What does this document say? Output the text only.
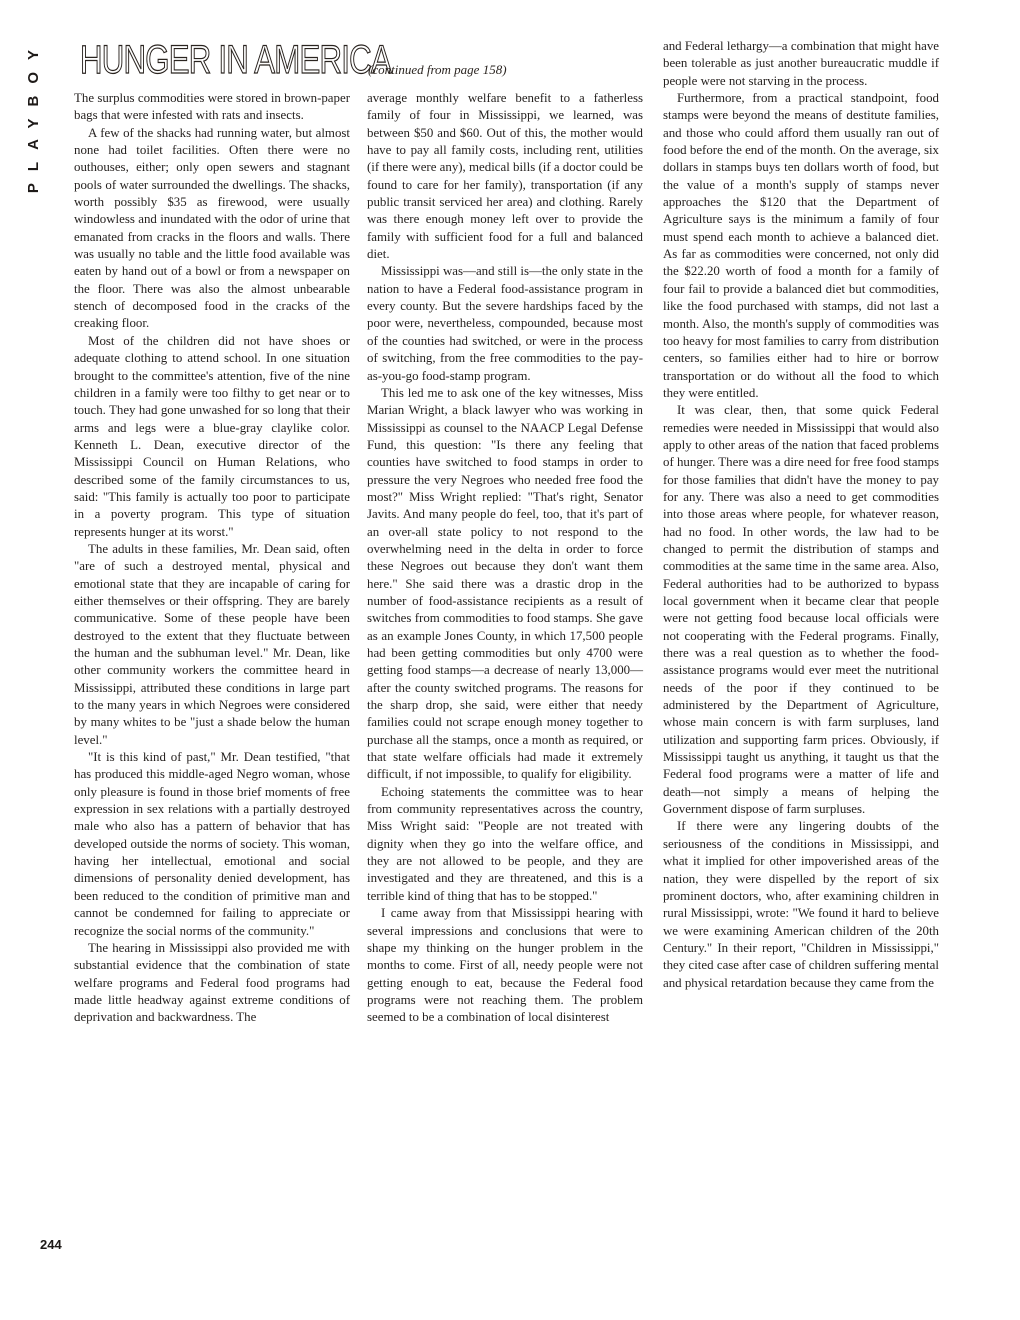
PLAYBOY HUNGER IN AMERICA
(continued from page 158)

The surplus commodities were stored in brown-paper bags that were infested with rats and insects.

A few of the shacks had running water, but almost none had toilet facilities. Often there were no outhouses, either; only open sewers and stagnant pools of water surrounded the dwellings. The shacks, worth possibly $35 as firewood, were usually windowless and inundated with the odor of urine that emanated from cracks in the floors and walls. There was usually no table and the little food available was eaten by hand out of a bowl or from a newspaper on the floor. There was also the almost unbearable stench of decomposed food in the cracks of the creaking floor.

Most of the children did not have shoes or adequate clothing to attend school. In one situation brought to the committee's attention, five of the nine children in a family were too filthy to get near or to touch. They had gone unwashed for so long that their arms and legs were a blue-gray claylike color. Kenneth L. Dean, executive director of the Mississippi Council on Human Relations, who described some of the family circumstances to us, said: "This family is actually too poor to participate in a poverty program. This type of situation represents hunger at its worst."

The adults in these families, Mr. Dean said, often "are of such a destroyed mental, physical and emotional state that they are incapable of caring for either themselves or their offspring. They are barely communicative. Some of these people have been destroyed to the extent that they fluctuate between the human and the subhuman level." Mr. Dean, like other community workers the committee heard in Mississippi, attributed these conditions in large part to the many years in which Negroes were considered by many whites to be "just a shade below the human level."

"It is this kind of past," Mr. Dean testified, "that has produced this middle-aged Negro woman, whose only pleasure is found in those brief moments of free expression in sex relations with a partially destroyed male who also has a pattern of behavior that has developed outside the norms of society. This woman, having her intellectual, emotional and social dimensions of personality denied development, has been reduced to the condition of primitive man and cannot be condemned for failing to appreciate or recognize the social norms of the community."

The hearing in Mississippi also provided me with substantial evidence that the combination of state welfare programs and Federal food programs had made little headway against extreme conditions of deprivation and backwardness. The

average monthly welfare benefit to a fatherless family of four in Mississippi, we learned, was between $50 and $60. Out of this, the mother would have to pay all family costs, including rent, utilities (if there were any), medical bills (if a doctor could be found to care for her family), transportation (if any public transit serviced her area) and clothing. Rarely was there enough money left over to provide the family with sufficient food for a full and balanced diet.

Mississippi was—and still is—the only state in the nation to have a Federal food-assistance program in every county. But the severe hardships faced by the poor were, nevertheless, compounded, because most of the counties had switched, or were in the process of switching, from the free commodities to the pay-as-you-go food-stamp program.

This led me to ask one of the key witnesses, Miss Marian Wright, a black lawyer who was working in Mississippi as counsel to the NAACP Legal Defense Fund, this question: "Is there any feeling that counties have switched to food stamps in order to pressure the very Negroes who needed free food the most?" Miss Wright replied: "That's right, Senator Javits. And many people do feel, too, that it's part of an over-all state policy to not respond to the overwhelming need in the delta in order to force these Negroes out because they don't want them here." She said there was a drastic drop in the number of food-assistance recipients as a result of switches from commodities to food stamps. She gave as an example Jones County, in which 17,500 people had been getting commodities but only 4700 were getting food stamps—a decrease of nearly 13,000—after the county switched programs. The reasons for the sharp drop, she said, were either that needy families could not scrape enough money together to purchase all the stamps, once a month as required, or that state welfare officials had made it extremely difficult, if not impossible, to qualify for eligibility.

Echoing statements the committee was to hear from community representatives across the country, Miss Wright said: "People are not treated with dignity when they go into the welfare office, and they are not allowed to be people, and they are investigated and they are threatened, and this is a terrible kind of thing that has to be stopped."

I came away from that Mississippi hearing with several impressions and conclusions that were to shape my thinking on the hunger problem in the months to come. First of all, needy people were not getting enough to eat, because the Federal food programs were not reaching them. The problem seemed to be a combination of local disinterest

and Federal lethargy—a combination that might have been tolerable as just another bureaucratic muddle if people were not starving in the process.

Furthermore, from a practical standpoint, food stamps were beyond the means of destitute families, and those who could afford them usually ran out of food before the end of the month. On the average, six dollars in stamps buys ten dollars worth of food, but the value of a month's supply of stamps never approaches the $120 that the Department of Agriculture says is the minimum a family of four must spend each month to achieve a balanced diet. As far as commodities were concerned, not only did the $22.20 worth of food a month for a family of four fail to provide a balanced diet but commodities, like the food purchased with stamps, did not last a month. Also, the month's supply of commodities was too heavy for most families to carry from distribution centers, so families either had to hire or borrow transportation or do without all the food to which they were entitled.

It was clear, then, that some quick Federal remedies were needed in Mississippi that would also apply to other areas of the nation that faced problems of hunger. There was a dire need for free food stamps for those families that didn't have the money to pay for any. There was also a need to get commodities into those areas where people, for whatever reason, had no food. In other words, the law had to be changed to permit the distribution of stamps and commodities at the same time in the same area. Also, Federal authorities had to be authorized to bypass local government when it became clear that people were not getting food because local officials were not cooperating with the Federal programs. Finally, there was a real question as to whether the food-assistance programs would ever meet the nutritional needs of the poor if they continued to be administered by the Department of Agriculture, whose main concern is with farm surpluses, land utilization and supporting farm prices. Obviously, if Mississippi taught us anything, it taught us that the Federal food programs were a matter of life and death—not simply a means of helping the Government dispose of farm surpluses.

If there were any lingering doubts of the seriousness of the conditions in Mississippi, and what it implied for other impoverished areas of the nation, they were dispelled by the report of six prominent doctors, who, after examining children in rural Mississippi, wrote: "We found it hard to believe we were examining American children of the 20th Century." In their report, "Children in Mississippi," they cited case after case of children suffering mental and physical retardation because they came from the

244
